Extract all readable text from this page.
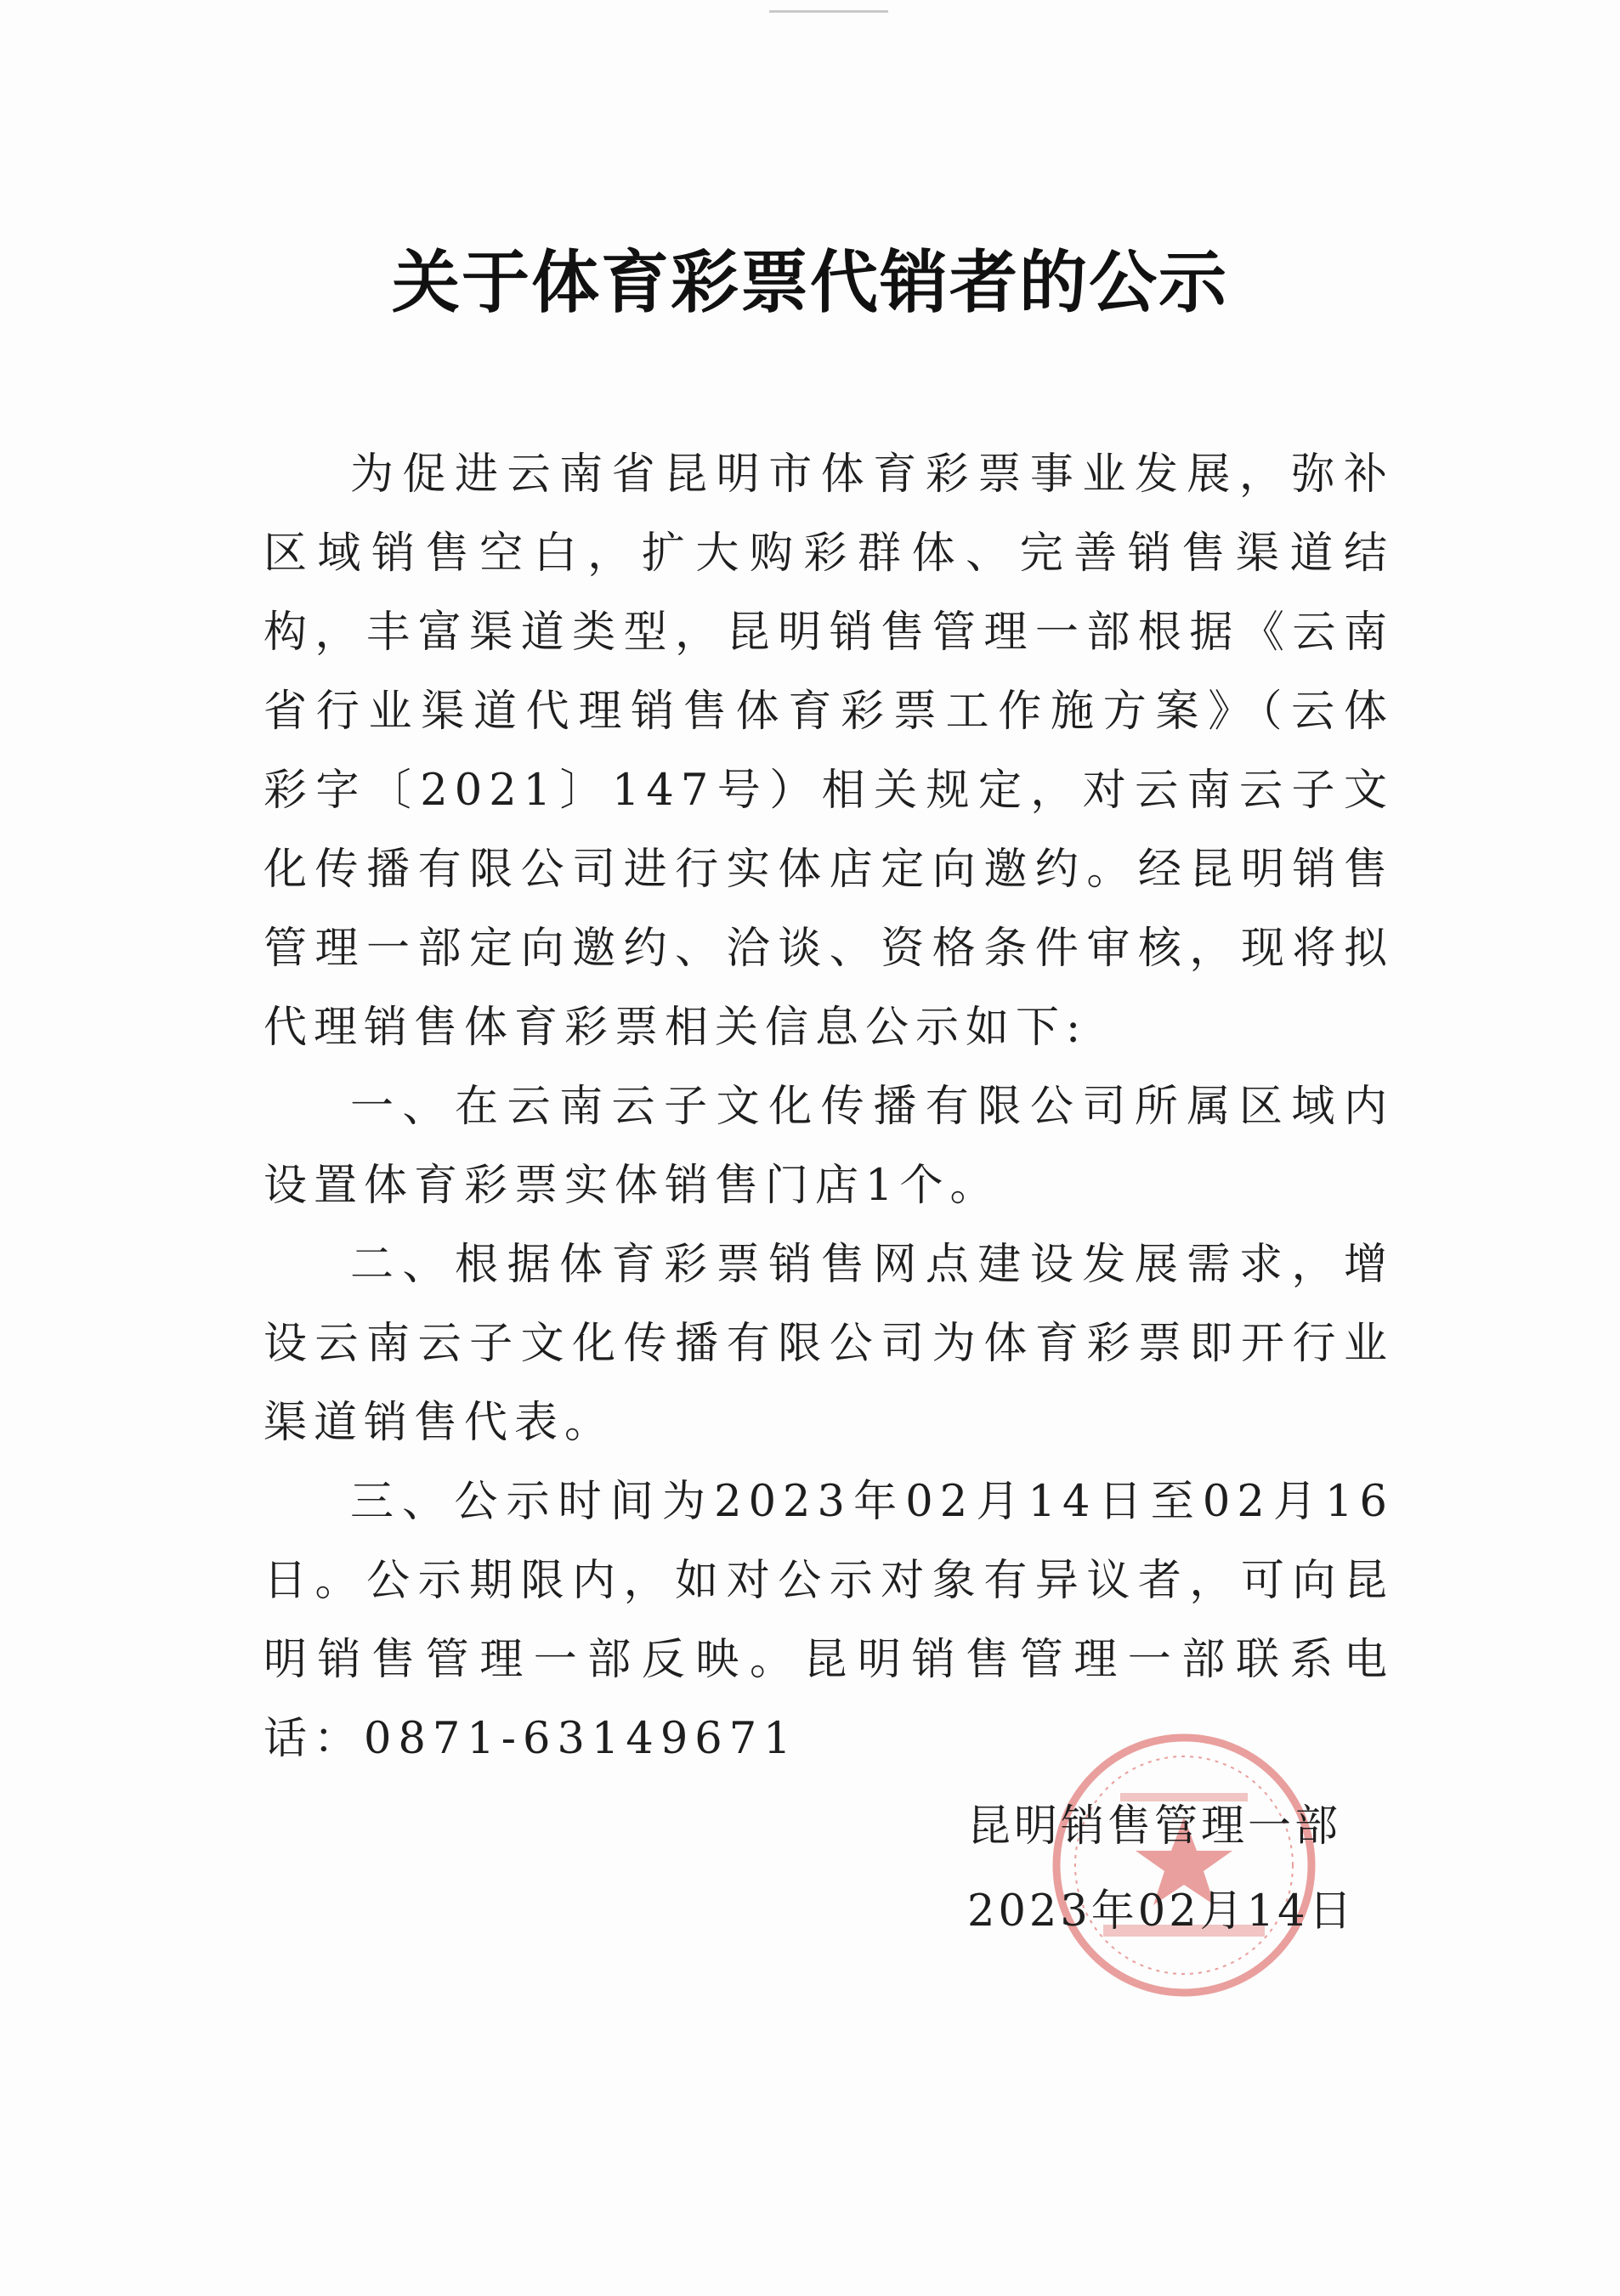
关于体育彩票代销者的公示

为促进云南省昆明市体育彩票事业发展，弥补区域销售空白，扩大购彩群体、完善销售渠道结构，丰富渠道类型，昆明销售管理一部根据《云南省行业渠道代理销售体育彩票工作施方案》（云体彩字〔2021〕147号）相关规定，对云南云子文化传播有限公司进行实体店定向邀约。经昆明销售管理一部定向邀约、洽谈、资格条件审核，现将拟代理销售体育彩票相关信息公示如下:

一、在云南云子文化传播有限公司所属区域内设置体育彩票实体销售门店1个。

二、根据体育彩票销售网点建设发展需求，增设云南云子文化传播有限公司为体育彩票即开行业渠道销售代表。

三、公示时间为2023年02月14日至02月16日。公示期限内，如对公示对象有异议者，可向昆明销售管理一部反映。昆明销售管理一部联系电话：0871-63149671

昆明销售管理一部
2023年02月14日
